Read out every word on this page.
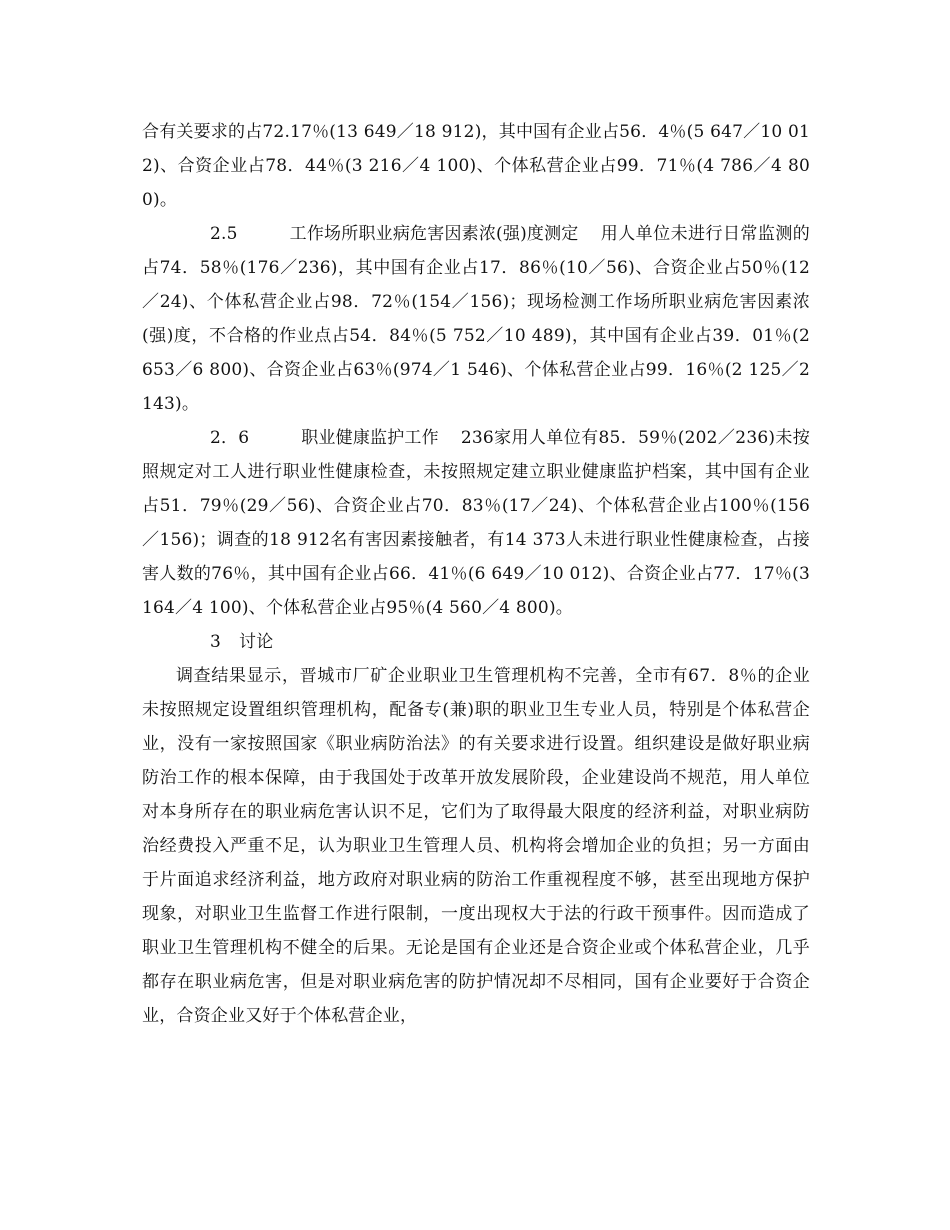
合有关要求的占72.17％(13 649／18 912)，其中国有企业占56．4％(5 647／10 012)、合资企业占78．44％(3 216／4 100)、个体私营企业占99．71％(4 786／4 800)。

2.5	工作场所职业病危害因素浓(强)度测定 用人单位未进行日常监测的占74．58％(176／236)，其中国有企业占17．86％(10／56)、合资企业占50％(12／24)、个体私营企业占98．72％(154／156)；现场检测工作场所职业病危害因素浓(强)度，不合格的作业点占54．84％(5 752／10 489)，其中国有企业占39．01％(2 653／6 800)、合资企业占63％(974／1 546)、个体私营企业占99．16％(2 125／2 143)。

2．6	职业健康监护工作 236家用人单位有85．59％(202／236)未按照规定对工人进行职业性健康检查，未按照规定建立职业健康监护档案，其中国有企业占51．79％(29／56)、合资企业占70．83％(17／24)、个体私营企业占100％(156／156)；调查的18 912名有害因素接触者，有14 373人未进行职业性健康检查，占接害人数的76％，其中国有企业占66．41％(6 649／10 012)、合资企业占77．17％(3 164／4 100)、个体私营企业占95％(4 560／4 800)。

3 讨论

调查结果显示，晋城市厂矿企业职业卫生管理机构不完善，全市有67．8％的企业未按照规定设置组织管理机构，配备专(兼)职的职业卫生专业人员，特别是个体私营企业，没有一家按照国家《职业病防治法》的有关要求进行设置。组织建设是做好职业病防治工作的根本保障，由于我国处于改革开放发展阶段，企业建设尚不规范，用人单位对本身所存在的职业病危害认识不足，它们为了取得最大限度的经济利益，对职业病防治经费投入严重不足，认为职业卫生管理人员、机构将会增加企业的负担；另一方面由于片面追求经济利益，地方政府对职业病的防治工作重视程度不够，甚至出现地方保护现象，对职业卫生监督工作进行限制，一度出现权大于法的行政干预事件。因而造成了职业卫生管理机构不健全的后果。无论是国有企业还是合资企业或个体私营企业，几乎都存在职业病危害，但是对职业病危害的防护情况却不尽相同，国有企业要好于合资企业，合资企业又好于个体私营企业，
